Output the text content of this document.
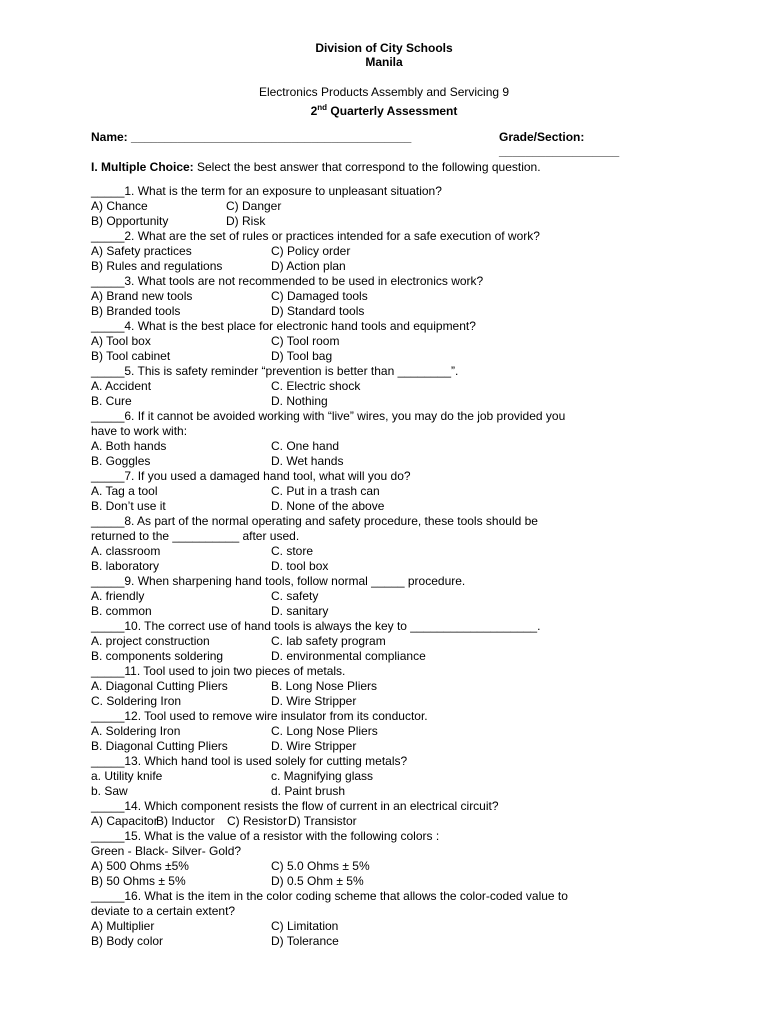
Division of City Schools
Manila
Electronics Products Assembly and Servicing 9
2nd Quarterly Assessment
Name: __________________________________________	Grade/Section: __________________
I. Multiple Choice: Select the best answer that correspond to the following question.
_____1. What is the term for an exposure to unpleasant situation?
A) Chance	C) Danger
B) Opportunity	D) Risk
_____2. What are the set of rules or practices intended for a safe execution of work?
A) Safety practices	C) Policy order
B) Rules and regulations	D) Action plan
_____3. What tools are not recommended to be used in electronics work?
A) Brand new tools	C) Damaged tools
B) Branded tools	D) Standard tools
_____4. What is the best place for electronic hand tools and equipment?
A) Tool box	C) Tool room
B) Tool cabinet	D) Tool bag
_____5. This is safety reminder “prevention is better than ________”.
A. Accident	C. Electric shock
B. Cure	D. Nothing
_____6. If it cannot be avoided working with “live” wires, you may do the job provided you
have to work with:
A. Both hands	C. One hand
B. Goggles	D. Wet hands
_____7. If you used a damaged hand tool, what will you do?
A. Tag a tool	C. Put in a trash can
B. Don’t use it	D. None of the above
_____8. As part of the normal operating and safety procedure, these tools should be
returned to the __________ after used.
A. classroom	C. store
B. laboratory	D. tool box
_____9. When sharpening hand tools, follow normal _____ procedure.
A. friendly	C. safety
B. common	D. sanitary
_____10. The correct use of hand tools is always the key to ___________________.
A. project construction	C. lab safety program
B. components soldering	D. environmental compliance
_____11. Tool used to join two pieces of metals.
A. Diagonal Cutting Pliers	B. Long Nose Pliers
C. Soldering Iron	D. Wire Stripper
_____12. Tool used to remove wire insulator from its conductor.
A. Soldering Iron	C. Long Nose Pliers
B. Diagonal Cutting Pliers	D. Wire Stripper
_____13. Which hand tool is used solely for cutting metals?
a. Utility knife	c. Magnifying glass
b. Saw	d. Paint brush
_____14. Which component resists the flow of current in an electrical circuit?
A) Capacitor
B) Inductor C) Resistor D) Transistor
_____15. What is the value of a resistor with the following colors :
Green - Black- Silver- Gold?
A) 500 Ohms ±5%	C) 5.0 Ohms ± 5%
B) 50 Ohms ± 5%	D) 0.5 Ohm ± 5%
_____16. What is the item in the color coding scheme that allows the color-coded value to
deviate to a certain extent?
A) Multiplier	C) Limitation
B) Body color	D) Tolerance
